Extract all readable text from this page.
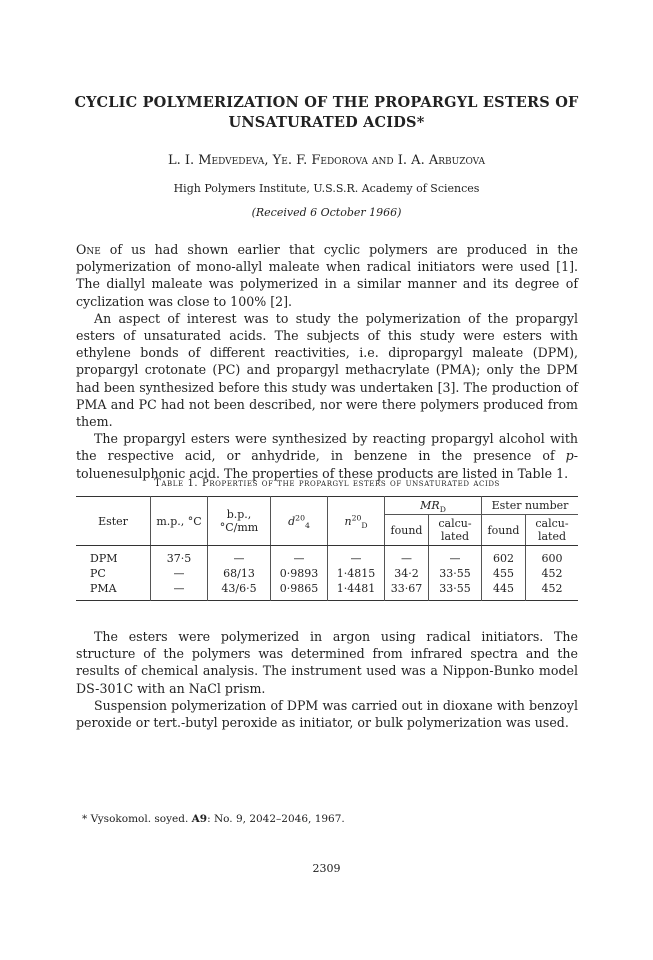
CYCLIC POLYMERIZATION OF THE PROPARGYL ESTERS OF
UNSATURATED ACIDS*
L. I. Medvedeva, Ye. F. Fedorova and I. A. Arbuzova
High Polymers Institute, U.S.S.R. Academy of Sciences
(Received 6 October 1966)

One of us had shown earlier that cyclic polymers are produced in the polymerization of mono-allyl maleate when radical initiators were used [1]. The diallyl maleate was polymerized in a similar manner and its degree of cyclization was close to 100% [2].

An aspect of interest was to study the polymerization of the propargyl esters of unsaturated acids. The subjects of this study were esters with ethylene bonds of different reactivities, i.e. dipropargyl maleate (DPM), propargyl crotonate (PC) and propargyl methacrylate (PMA); only the DPM had been synthesized before this study was undertaken [3]. The production of PMA and PC had not been described, nor were there polymers produced from them.

The propargyl esters were synthesized by reacting propargyl alcohol with the respective acid, or anhydride, in benzene in the presence of p-toluenesulphonic acid. The properties of these products are listed in Table 1.

Table 1. Properties of the propargyl esters of unsaturated acids
Ester	m.p., °C	b.p., °C/mm	$d^{20}_4$	$n^{20}_D$	$MR_D$		Ester number	
					found	calcu-lated	found	calcu-lated
DPM	37·5	—	—	—	—	—	602	600
PC	—	68/13	0·9893	1·4815	34·2	33·55	455	452
PMA	—	43/6·5	0·9865	1·4481	33·67	33·55	445	452

The esters were polymerized in argon using radical initiators. The structure of the polymers was determined from infrared spectra and the results of chemical analysis. The instrument used was a Nippon-Bunko model DS-301C with an NaCl prism.

Suspension polymerization of DPM was carried out in dioxane with benzoyl peroxide or tert.-butyl peroxide as initiator, or bulk polymerization was used.

* Vysokomol. soyed. A9: No. 9, 2042–2046, 1967.
2309
